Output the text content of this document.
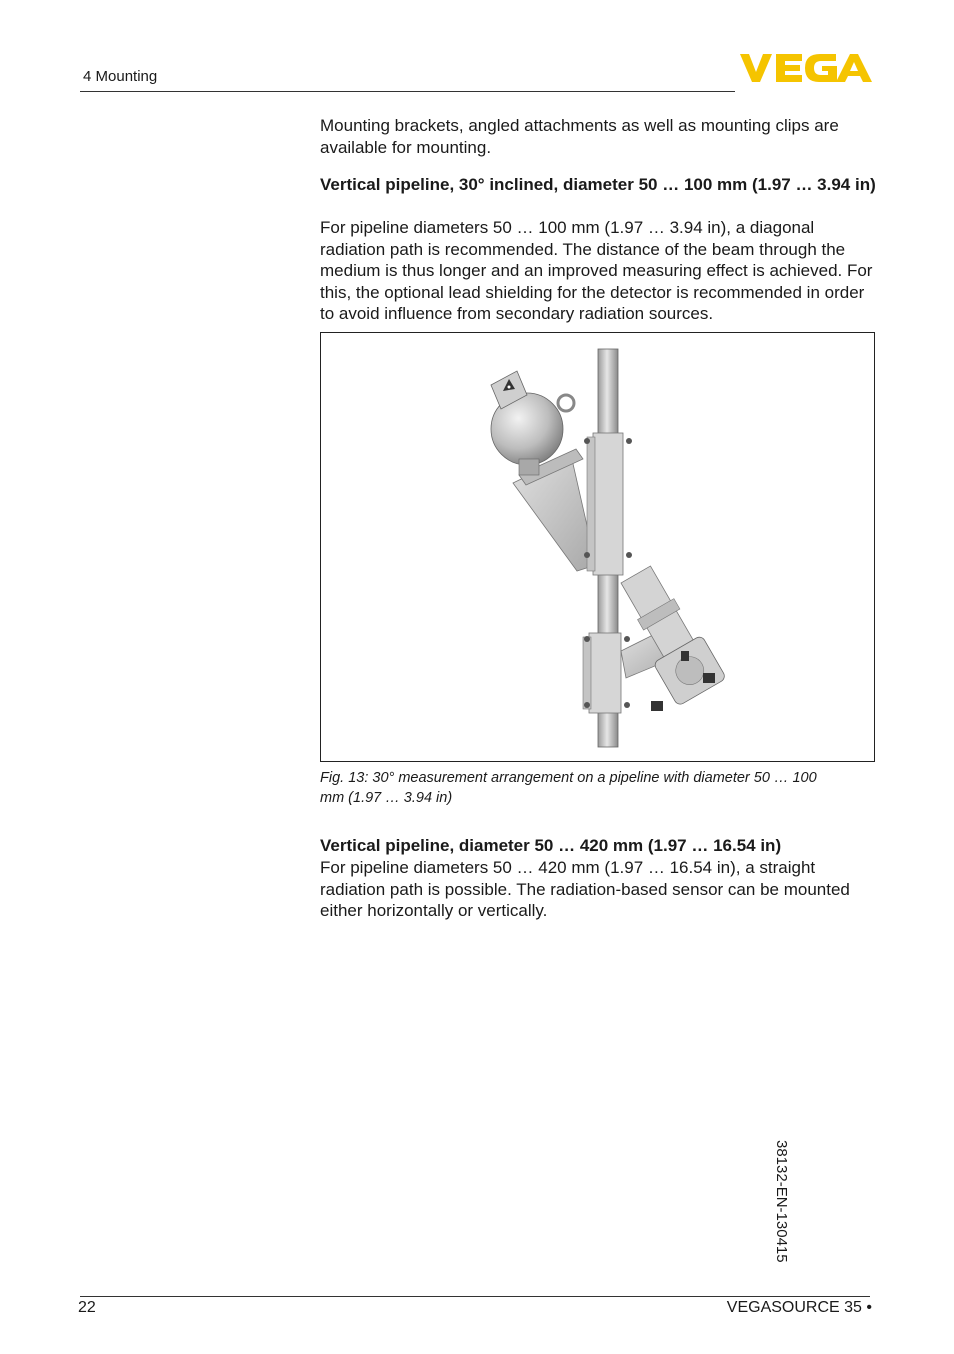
4 Mounting
Mounting brackets, angled attachments as well as mounting clips are available for mounting.
Vertical pipeline, 30° inclined, diameter 50 … 100 mm (1.97 … 3.94 in)
For pipeline diameters 50 … 100 mm (1.97 … 3.94 in), a diagonal radiation path is recommended. The distance of the beam through the medium is thus longer and an improved measuring effect is achieved. For this, the optional lead shielding for the detector is recommended in order to avoid influence from secondary radiation sources.
Fig. 13: 30° measurement arrangement on a pipeline with diameter 50 … 100 mm (1.97 … 3.94 in)
Vertical pipeline, diameter 50 … 420 mm (1.97 … 16.54 in)
For pipeline diameters 50 … 420 mm (1.97 … 16.54 in), a straight radiation path is possible. The radiation-based sensor can be mounted either horizontally or vertically.
38132-EN-130415
22	VEGASOURCE 35 •
